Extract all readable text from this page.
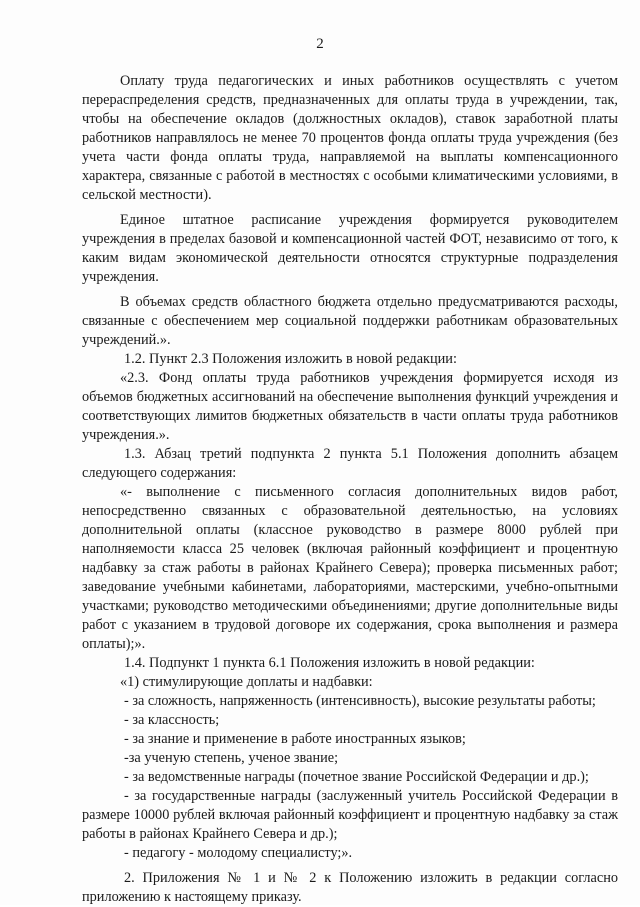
2

Оплату труда педагогических и иных работников осуществлять с учетом перераспределения средств, предназначенных для оплаты труда в учреждении, так, чтобы на обеспечение окладов (должностных окладов), ставок заработной платы работников направлялось не менее 70 процентов фонда оплаты труда учреждения (без учета части фонда оплаты труда, направляемой на выплаты компенсационного характера, связанные с работой в местностях с особыми климатическими условиями, в сельской местности).

Единое штатное расписание учреждения формируется руководителем учреждения в пределах базовой и компенсационной частей ФОТ, независимо от того, к каким видам экономической деятельности относятся структурные подразделения учреждения.

В объемах средств областного бюджета отдельно предусматриваются расходы, связанные с обеспечением мер социальной поддержки работникам образовательных учреждений.».

1.2. Пункт 2.3 Положения изложить в новой редакции:

«2.3. Фонд оплаты труда работников учреждения формируется исходя из объемов бюджетных ассигнований на обеспечение выполнения функций учреждения и соответствующих лимитов бюджетных обязательств в части оплаты труда работников учреждения.».

1.3. Абзац третий подпункта 2 пункта 5.1 Положения дополнить абзацем следующего содержания:

«- выполнение с письменного согласия дополнительных видов работ, непосредственно связанных с образовательной деятельностью, на условиях дополнительной оплаты (классное руководство в размере 8000 рублей при наполняемости класса 25 человек (включая районный коэффициент и процентную надбавку за стаж работы в районах Крайнего Севера); проверка письменных работ; заведование учебными кабинетами, лабораториями, мастерскими, учебно-опытными участками; руководство методическими объединениями; другие дополнительные виды работ с указанием в трудовой договоре их содержания, срока выполнения и размера оплаты);».

1.4. Подпункт 1 пункта 6.1 Положения изложить в новой редакции:

«1) стимулирующие доплаты и надбавки:

- за сложность, напряженность (интенсивность), высокие результаты работы;

- за классность;

- за знание и применение в работе иностранных языков;

-за ученую степень, ученое звание;

- за ведомственные награды (почетное звание Российской Федерации и др.);

- за государственные награды (заслуженный учитель Российской Федерации в размере 10000 рублей включая районный коэффициент и процентную надбавку за стаж работы в районах Крайнего Севера и др.);

- педагогу - молодому специалисту;».

2. Приложения № 1 и № 2 к Положению изложить в редакции согласно приложению к настоящему приказу.
